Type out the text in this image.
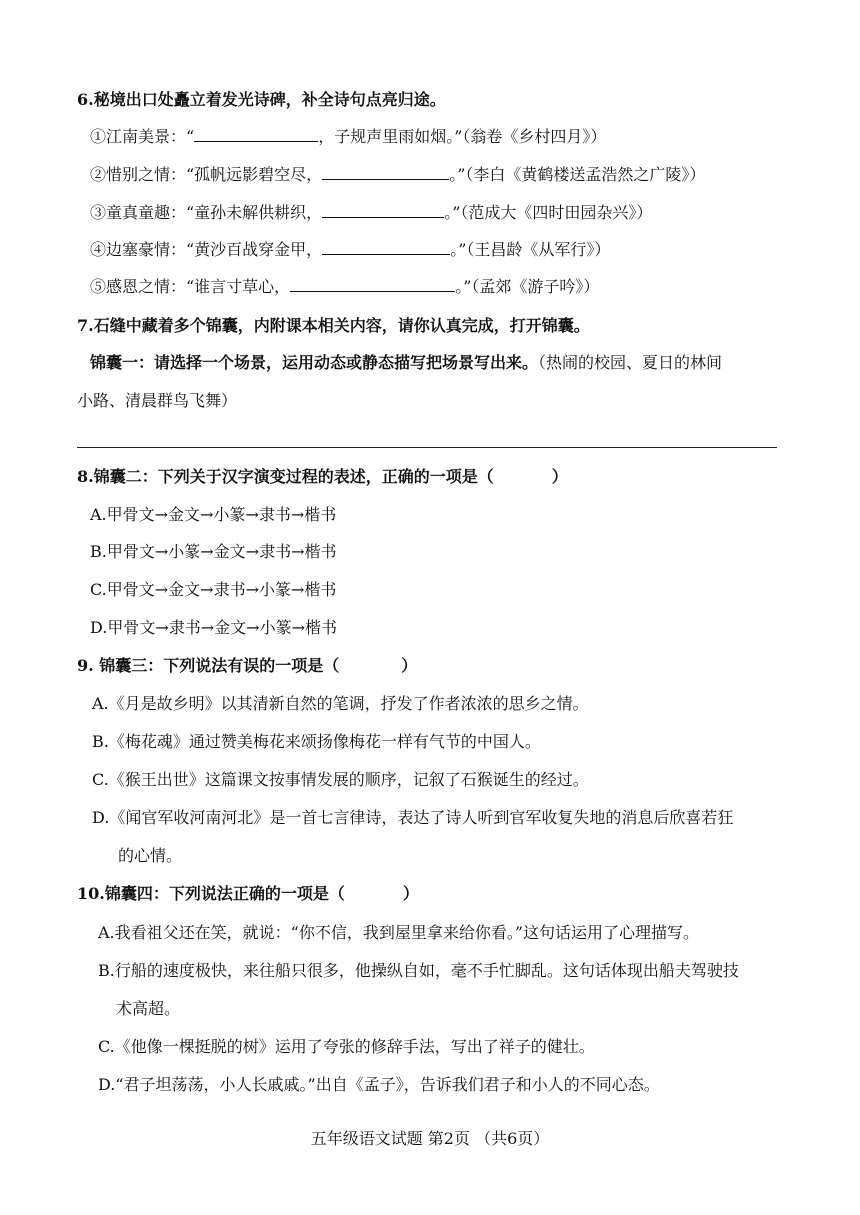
6.秘境出口处矗立着发光诗碑，补全诗句点亮归途。
①江南美景：“	，子规声里雨如烟。”（翁卷《乡村四月》）
②惜别之情：“孤帆远影碧空尽，	。”（李白《黄鹤楼送孟浩然之广陵》）
③童真童趣：“童孙未解供耕织，	。”（范成大《四时田园杂兴》）
④边塞豪情：“黄沙百战穿金甲，	。”（王昌龄《从军行》）
⑤感恩之情：“谁言寸草心，	。”（孟郊《游子吟》）
7.石缝中藏着多个锦囊，内附课本相关内容，请你认真完成，打开锦囊。
锦囊一：请选择一个场景，运用动态或静态描写把场景写出来。（热闹的校园、夏日的林间
小路、清晨群鸟飞舞）
8.锦囊二：下列关于汉字演变过程的表述，正确的一项是（	）
A.甲骨文→金文→小篆→隶书→楷书
B.甲骨文→小篆→金文→隶书→楷书
C.甲骨文→金文→隶书→小篆→楷书
D.甲骨文→隶书→金文→小篆→楷书
9. 锦囊三：下列说法有误的一项是（	）
A.《月是故乡明》以其清新自然的笔调，抒发了作者浓浓的思乡之情。
B.《梅花魂》通过赞美梅花来颂扬像梅花一样有气节的中国人。
C.《猴王出世》这篇课文按事情发展的顺序，记叙了石猴诞生的经过。
D.《闻官军收河南河北》是一首七言律诗，表达了诗人听到官军收复失地的消息后欣喜若狂
的心情。
10.锦囊四：下列说法正确的一项是（	）
A.我看祖父还在笑，就说：“你不信，我到屋里拿来给你看。”这句话运用了心理描写。
B.行船的速度极快，来往船只很多，他操纵自如，毫不手忙脚乱。这句话体现出船夫驾驶技
术高超。
C.《他像一棵挺脱的树》运用了夸张的修辞手法，写出了祥子的健壮。
D.“君子坦荡荡，小人长戚戚。”出自《孟子》，告诉我们君子和小人的不同心态。
五年级语文试题 第2页 （共6页）
